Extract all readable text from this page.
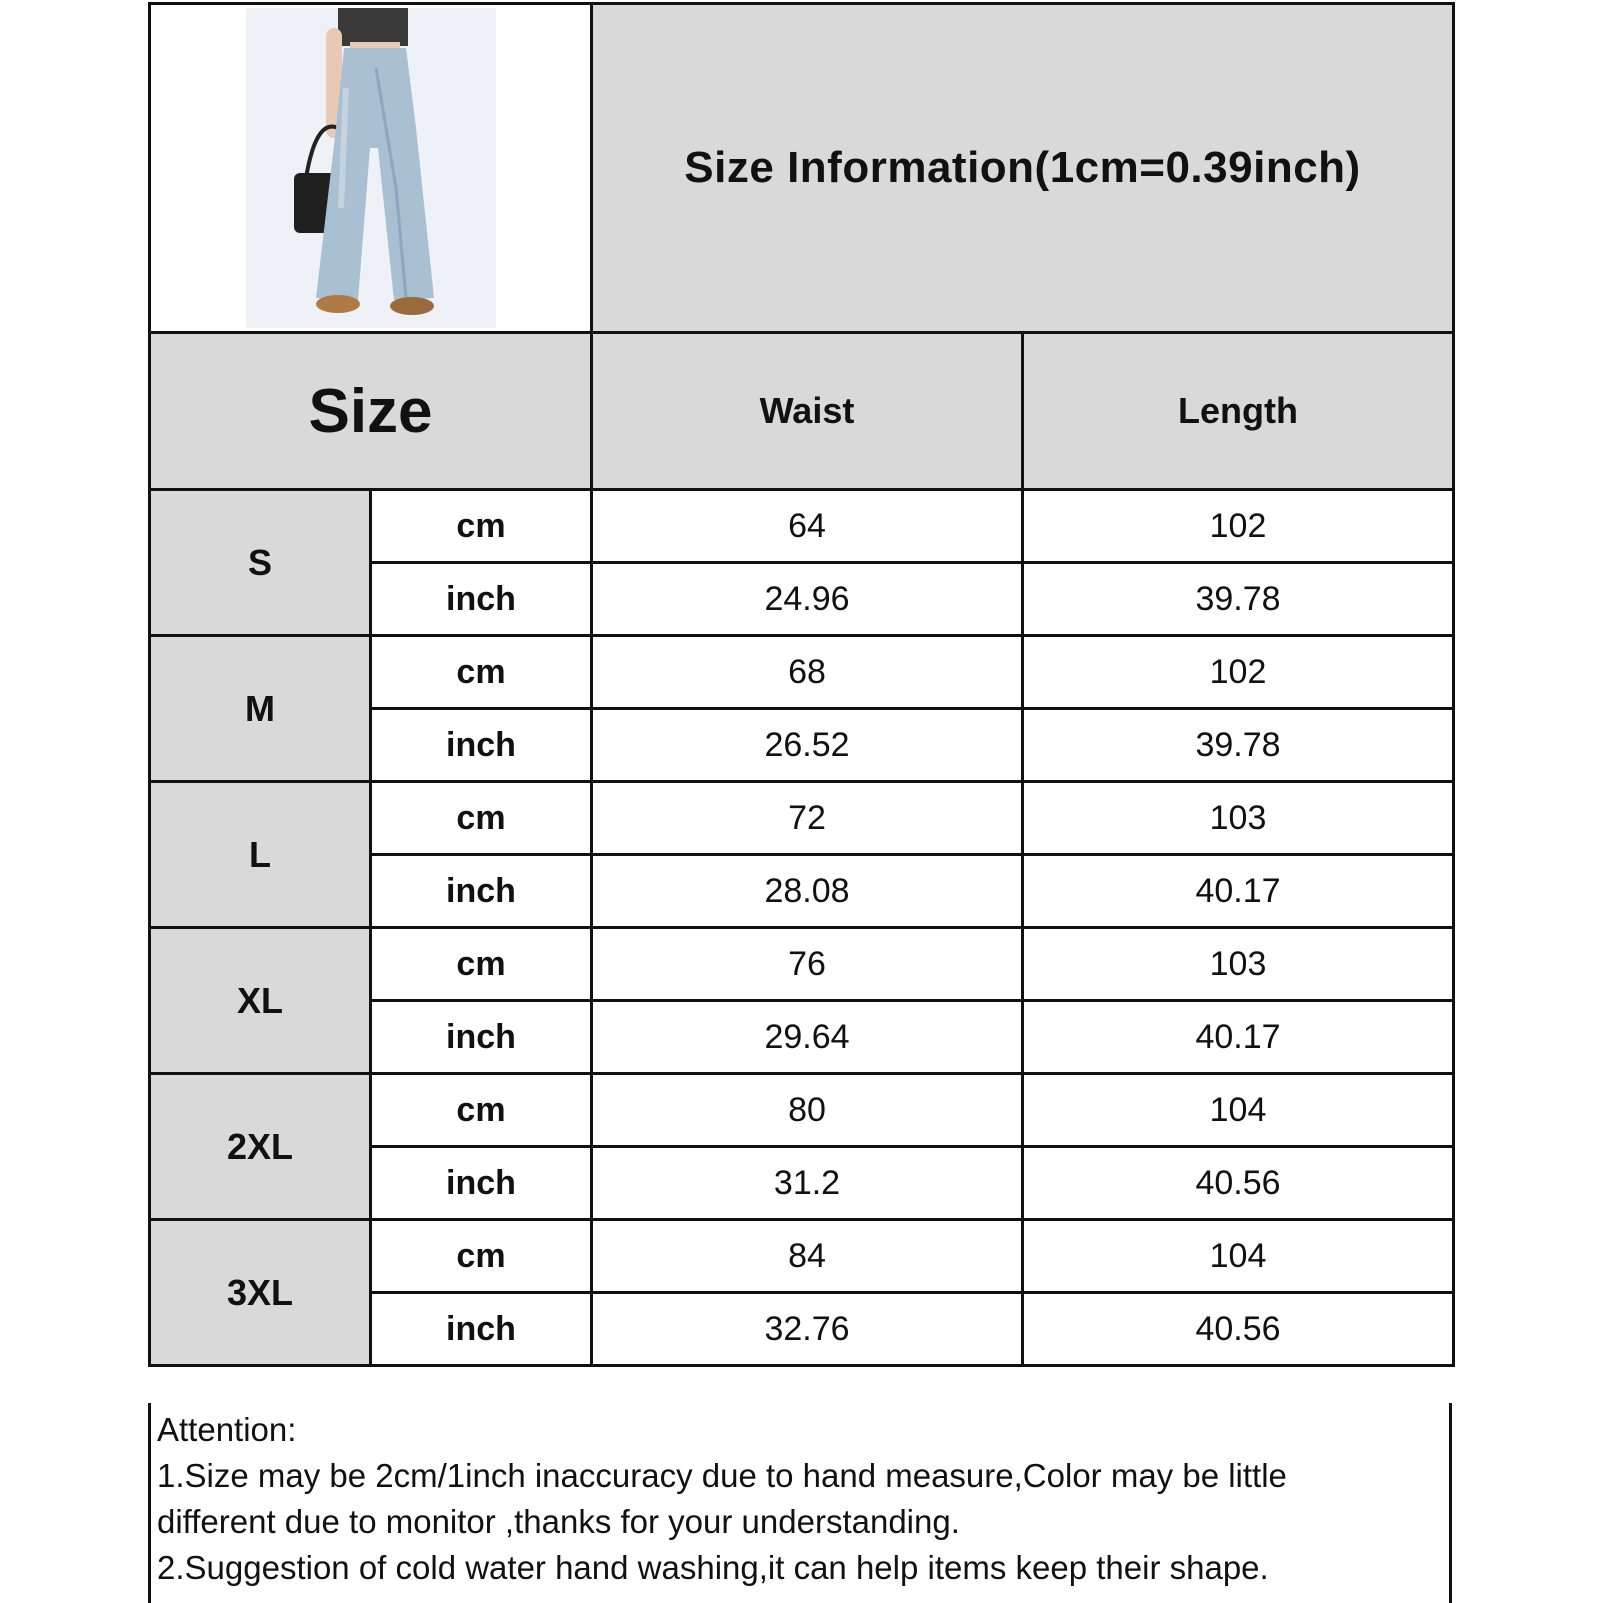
	Size Information(1cm=0.39inch)	
Size		Waist	Length
S	cm	64	102
	inch	24.96	39.78
M	cm	68	102
	inch	26.52	39.78
L	cm	72	103
	inch	28.08	40.17
XL	cm	76	103
	inch	29.64	40.17
2XL	cm	80	104
	inch	31.2	40.56
3XL	cm	84	104
	inch	32.76	40.56
Attention:
1.Size may be 2cm/1inch inaccuracy due to hand measure,Color may be little
different due to monitor ,thanks for your understanding.
2.Suggestion of cold water hand washing,it can help items keep their shape.
